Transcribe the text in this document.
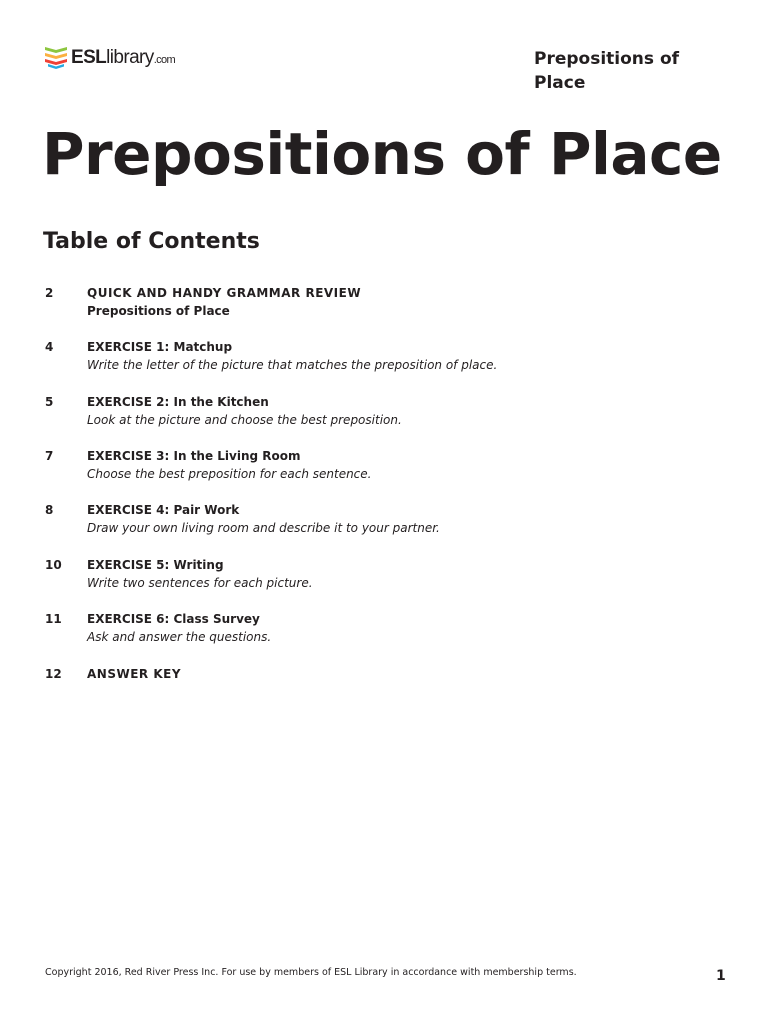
ESLlibrary.com	Prepositions of Place
Prepositions of Place
Table of Contents
2	QUICK AND HANDY GRAMMAR REVIEW
Prepositions of Place
4	EXERCISE 1: Matchup
Write the letter of the picture that matches the preposition of place.
5	EXERCISE 2: In the Kitchen
Look at the picture and choose the best preposition.
7	EXERCISE 3: In the Living Room
Choose the best preposition for each sentence.
8	EXERCISE 4: Pair Work
Draw your own living room and describe it to your partner.
10 EXERCISE 5: Writing
Write two sentences for each picture.
11 EXERCISE 6: Class Survey
Ask and answer the questions.
12 ANSWER KEY
Copyright 2016, Red River Press Inc. For use by members of ESL Library in accordance with membership terms.	1
